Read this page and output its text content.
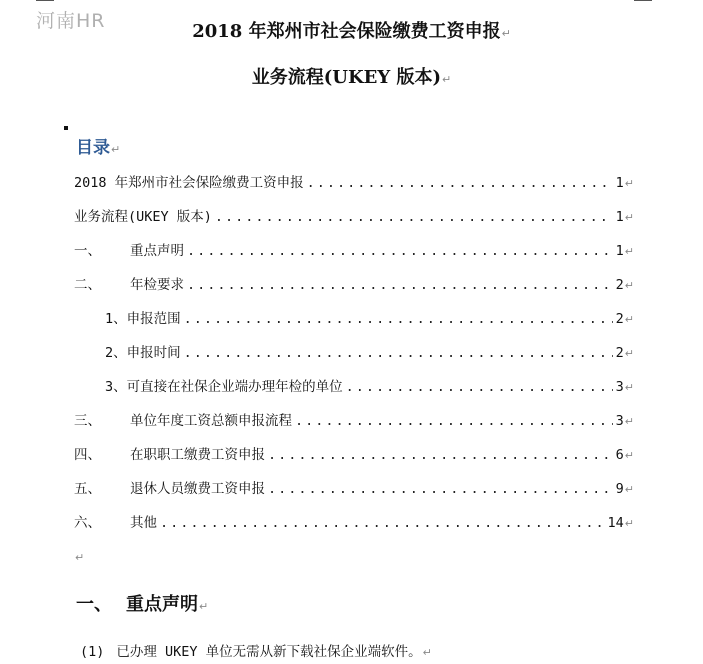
河南HR	2018 年郑州市社会保险缴费工资申报↵
业务流程(UKEY 版本)↵
目录↵
2018 年郑州市社会保险缴费工资申报 .....	1 ↵
业务流程(UKEY 版本) .....	1 ↵
一、	重点声明 .....	1 ↵
二、	年检要求 .....	2 ↵
1、申报范围 .....	2 ↵
2、申报时间 .....	2 ↵
3、可直接在社保企业端办理年检的单位 .....	3 ↵
三、	单位年度工资总额申报流程 .....	3 ↵
四、	在职职工缴费工资申报 .....	6 ↵
五、	退休人员缴费工资申报 .....	9 ↵
六、	其他 .....	14 ↵
↵
一、 重点声明↵
(1) 已办理 UKEY 单位无需从新下载社保企业端软件。↵
